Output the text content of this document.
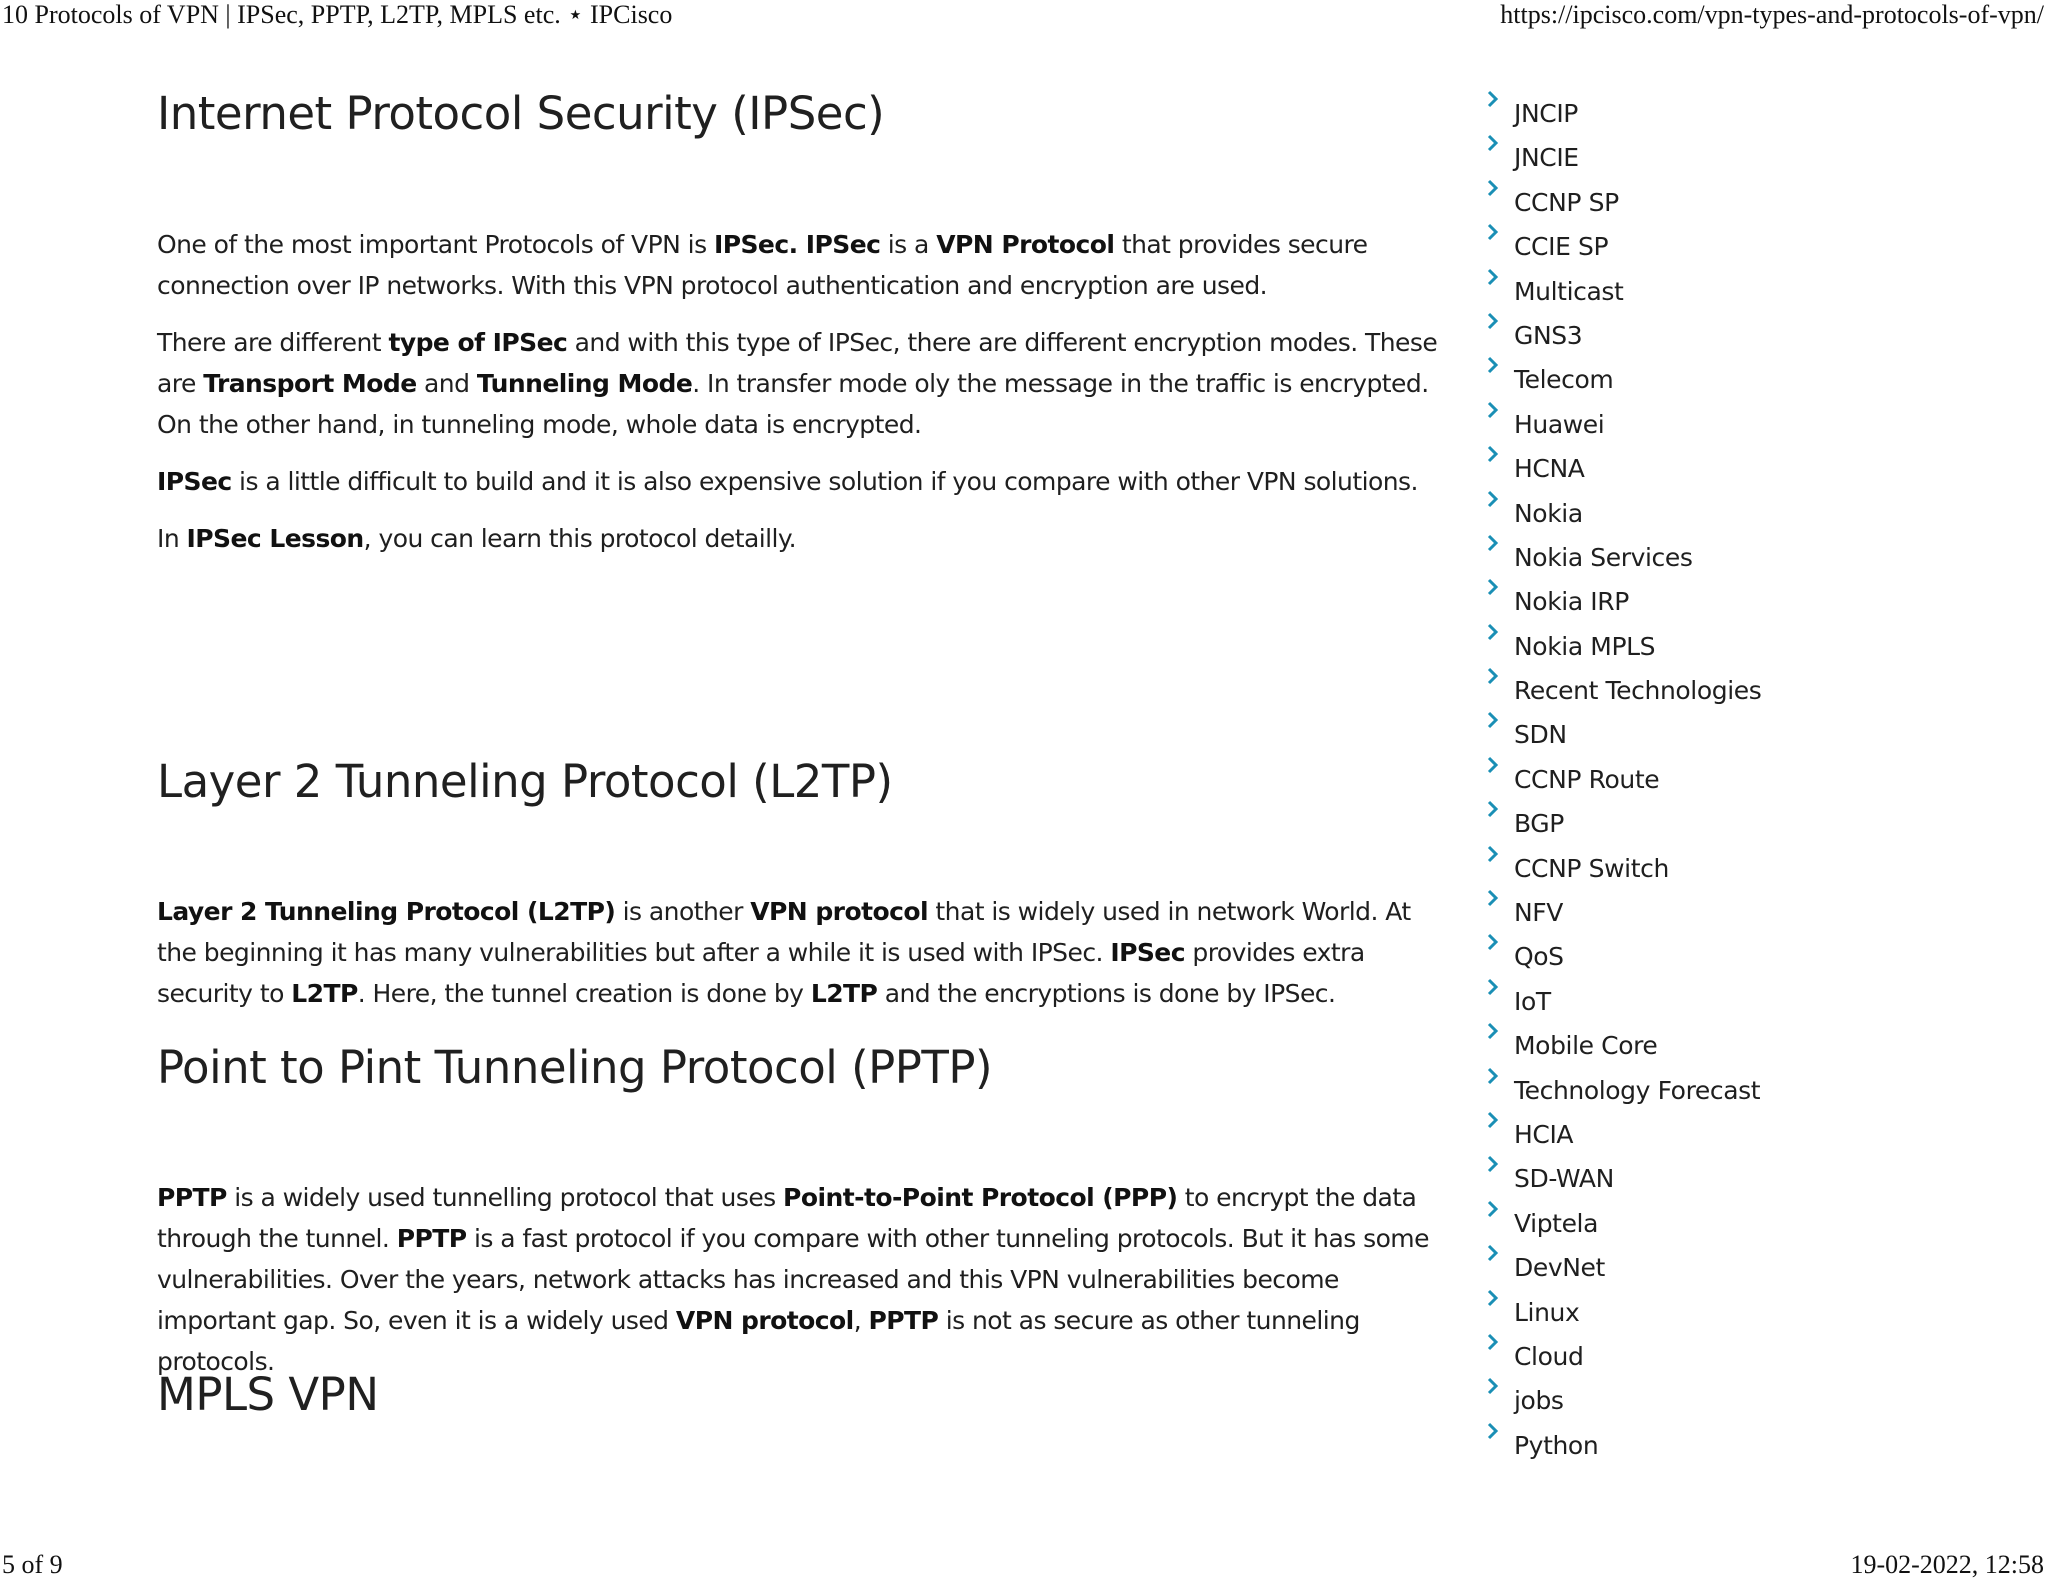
10 Protocols of VPN | IPSec, PPTP, L2TP, MPLS etc. ⋆ IPCisco	https://ipcisco.com/vpn-types-and-protocols-of-vpn/
Internet Protocol Security (IPSec)

One of the most important Protocols of VPN is IPSec. IPSec is a VPN Protocol that provides secure connection over IP networks. With this VPN protocol authentication and encryption are used.

There are different type of IPSec and with this type of IPSec, there are different encryption modes. These are Transport Mode and Tunneling Mode. In transfer mode oly the message in the traffic is encrypted. On the other hand, in tunneling mode, whole data is encrypted.

IPSec is a little difficult to build and it is also expensive solution if you compare with other VPN solutions.

In IPSec Lesson, you can learn this protocol detailly.

Layer 2 Tunneling Protocol (L2TP)

Layer 2 Tunneling Protocol (L2TP) is another VPN protocol that is widely used in network World. At the beginning it has many vulnerabilities but after a while it is used with IPSec. IPSec provides extra security to L2TP. Here, the tunnel creation is done by L2TP and the encryptions is done by IPSec.

Point to Pint Tunneling Protocol (PPTP)

PPTP is a widely used tunnelling protocol that uses Point-to-Point Protocol (PPP) to encrypt the data through the tunnel. PPTP is a fast protocol if you compare with other tunneling protocols. But it has some vulnerabilities. Over the years, network attacks has increased and this VPN vulnerabilities become important gap. So, even it is a widely used VPN protocol, PPTP is not as secure as other tunneling protocols.

MPLS VPN
JNCIP
JNCIE
CCNP SP
CCIE SP
Multicast
GNS3
Telecom
Huawei
HCNA
Nokia
Nokia Services
Nokia IRP
Nokia MPLS
Recent Technologies
SDN
CCNP Route
BGP
CCNP Switch
NFV
QoS
IoT
Mobile Core
Technology Forecast
HCIA
SD-WAN
Viptela
DevNet
Linux
Cloud
jobs
Python
5 of 9	19-02-2022, 12:58
